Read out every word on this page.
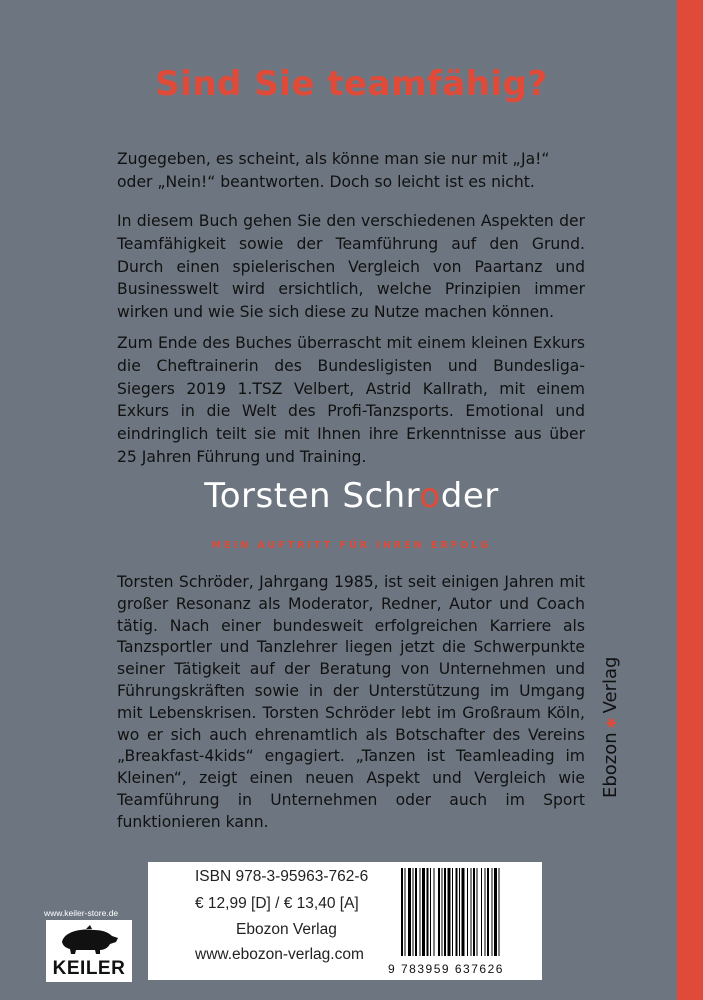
Sind Sie teamfähig?

Zugegeben, es scheint, als könne man sie nur mit „Ja!“ oder „Nein!“ beantworten. Doch so leicht ist es nicht.

In diesem Buch gehen Sie den verschiedenen Aspekten der Teamfähigkeit sowie der Teamführung auf den Grund. Durch einen spielerischen Vergleich von Paartanz und Businesswelt wird ersichtlich, welche Prinzipien immer wirken und wie Sie sich diese zu Nutze machen können.

Zum Ende des Buches überrascht mit einem kleinen Exkurs die Cheftrainerin des Bundesligisten und Bundesliga-Siegers 2019 1.TSZ Velbert, Astrid Kallrath, mit einem Exkurs in die Welt des Profi-Tanzsports. Emotional und eindringlich teilt sie mit Ihnen ihre Erkenntnisse aus über 25 Jahren Führung und Training.

Torsten Schroder
MEIN AUFTRITT FÜR IHREN ERFOLG

Torsten Schröder, Jahrgang 1985, ist seit einigen Jahren mit großer Resonanz als Moderator, Redner, Autor und Coach tätig. Nach einer bundesweit erfolgreichen Karriere als Tanzsportler und Tanzlehrer liegen jetzt die Schwerpunkte seiner Tätigkeit auf der Beratung von Unternehmen und Führungskräften sowie in der Unterstützung im Umgang mit Lebenskrisen. Torsten Schröder lebt im Großraum Köln, wo er sich auch ehrenamtlich als Botschafter des Vereins „Breakfast-4kids“ engagiert. „Tanzen ist Teamleading im Kleinen“, zeigt einen neuen Aspekt und Vergleich wie Teamführung in Unternehmen oder auch im Sport funktionieren kann.

Ebozon✱Verlag
ISBN 978-3-95963-762-6
€ 12,99 [D] / € 13,40 [A]
Ebozon Verlag
www.ebozon-verlag.com
9 783959 637626
www.keiler-store.de
KEILER
